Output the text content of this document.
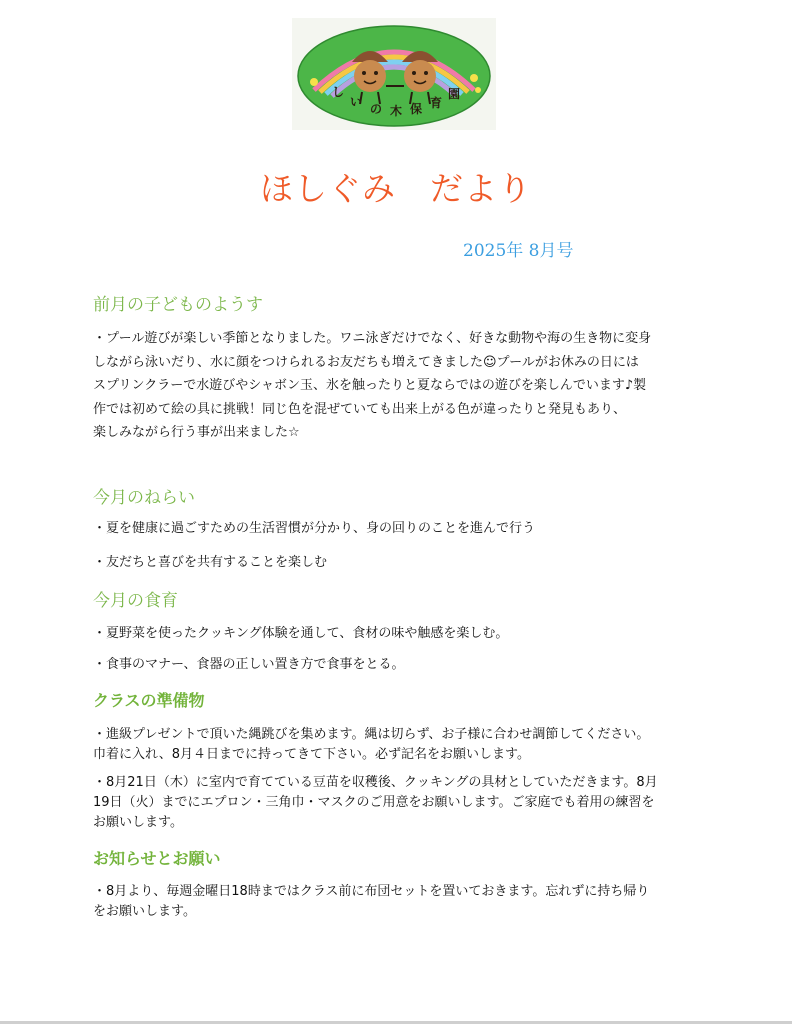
し
い の 木 保 育
園
ほしぐみ　だより
2025年 8月号
前月の子どものようす
・プール遊びが楽しい季節となりました。ワニ泳ぎだけでなく、好きな動物や海の生き物に変身
しながら泳いだり、水に顔をつけられるお友だちも増えてきました☺プールがお休みの日には
スプリンクラーで水遊びやシャボン玉、氷を触ったりと夏ならではの遊びを楽しんでいます♪製
作では初めて絵の具に挑戦！同じ色を混ぜていても出来上がる色が違ったりと発見もあり、
楽しみながら行う事が出来ました☆
今月のねらい
・夏を健康に過ごすための生活習慣が分かり、身の回りのことを進んで行う
・友だちと喜びを共有することを楽しむ
今月の食育
・夏野菜を使ったクッキング体験を通して、食材の味や触感を楽しむ。
・食事のマナー、食器の正しい置き方で食事をとる。
クラスの準備物
・進級プレゼントで頂いた縄跳びを集めます。縄は切らず、お子様に合わせ調節してください。
巾着に入れ、8月４日までに持ってきて下さい。必ず記名をお願いします。
・8月21日（木）に室内で育てている豆苗を収穫後、クッキングの具材としていただきます。8月
19日（火）までにエプロン・三角巾・マスクのご用意をお願いします。ご家庭でも着用の練習を
お願いします。
お知らせとお願い
・8月より、毎週金曜日18時まではクラス前に布団セットを置いておきます。忘れずに持ち帰り
をお願いします。
